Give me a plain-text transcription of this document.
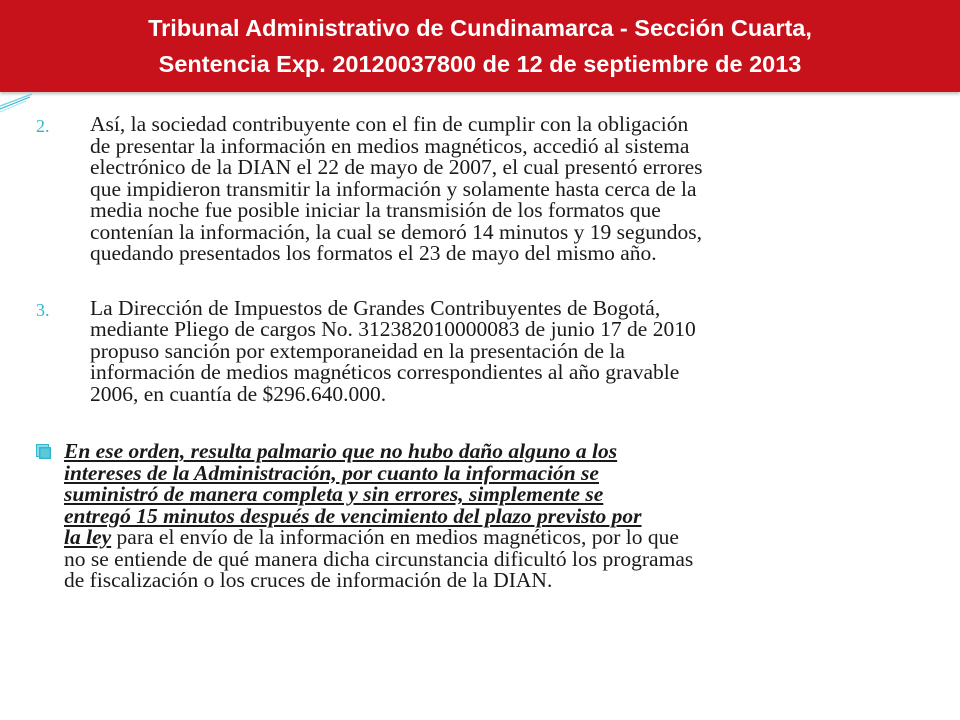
Tribunal Administrativo de Cundinamarca - Sección Cuarta,
Sentencia Exp. 20120037800 de 12 de septiembre de 2013
2.	Así, la sociedad contribuyente con el fin de cumplir con la obligación
de presentar la información en medios magnéticos, accedió al sistema
electrónico de la DIAN el 22 de mayo de 2007, el cual presentó errores
que impidieron transmitir la información y solamente hasta cerca de la
media noche fue posible iniciar la transmisión de los formatos que
contenían la información, la cual se demoró 14 minutos y 19 segundos,
quedando presentados los formatos el 23 de mayo del mismo año.
3.	La Dirección de Impuestos de Grandes Contribuyentes de Bogotá,
mediante Pliego de cargos No. 312382010000083 de junio 17 de 2010
propuso sanción por extemporaneidad en la presentación de la
información de medios magnéticos correspondientes al año gravable
2006, en cuantía de $296.640.000.
En ese orden, resulta palmario que no hubo daño alguno a los
intereses de la Administración, por cuanto la información se
suministró de manera completa y sin errores, simplemente se
entregó 15 minutos después de vencimiento del plazo previsto por
la ley para el envío de la información en medios magnéticos, por lo que
no se entiende de qué manera dicha circunstancia dificultó los programas
de fiscalización o los cruces de información de la DIAN.
